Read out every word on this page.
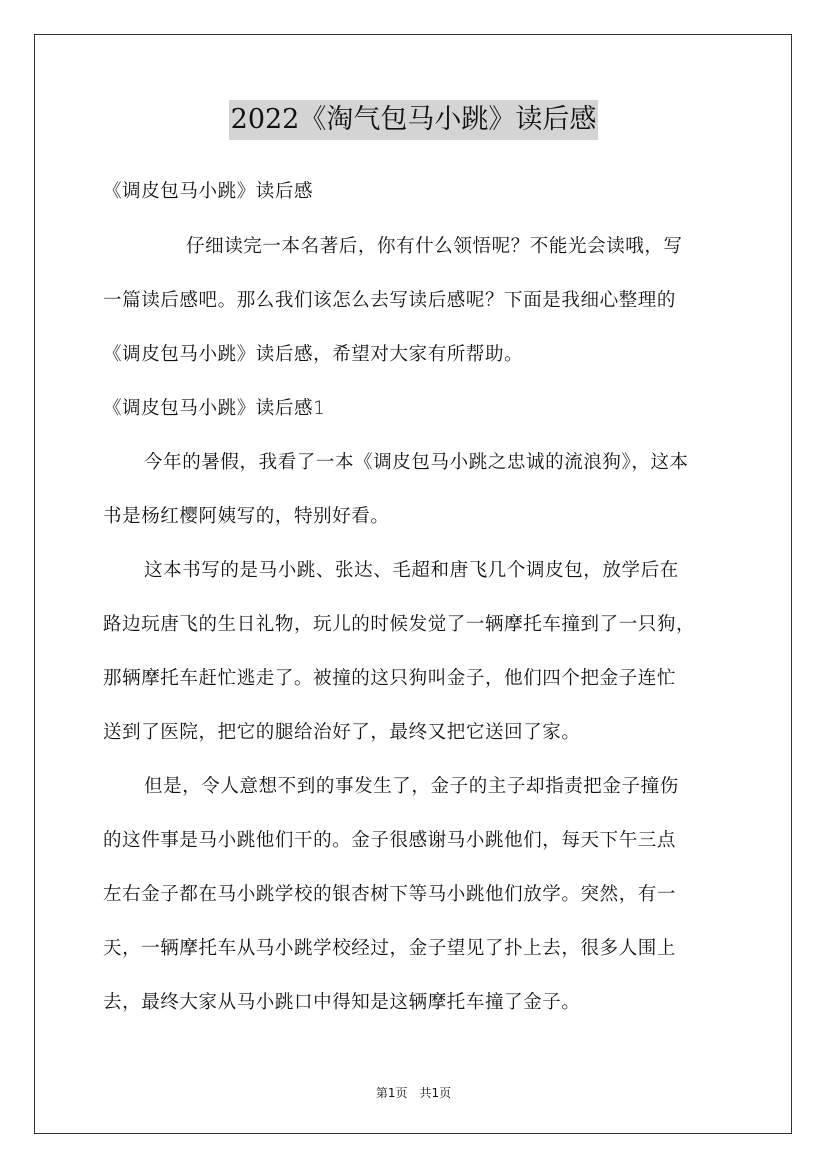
2022《淘气包马小跳》读后感
《调皮包马小跳》读后感
仔细读完一本名著后，你有什么领悟呢？不能光会读哦，写
一篇读后感吧。那么我们该怎么去写读后感呢？下面是我细心整理的
《调皮包马小跳》读后感，希望对大家有所帮助。
《调皮包马小跳》读后感1
今年的暑假，我看了一本《调皮包马小跳之忠诚的流浪狗》，这本
书是杨红樱阿姨写的，特别好看。
这本书写的是马小跳、张达、毛超和唐飞几个调皮包，放学后在
路边玩唐飞的生日礼物，玩儿的时候发觉了一辆摩托车撞到了一只狗，
那辆摩托车赶忙逃走了。被撞的这只狗叫金子，他们四个把金子连忙
送到了医院，把它的腿给治好了，最终又把它送回了家。
但是，令人意想不到的事发生了，金子的主子却指责把金子撞伤
的这件事是马小跳他们干的。金子很感谢马小跳他们，每天下午三点
左右金子都在马小跳学校的银杏树下等马小跳他们放学。突然，有一
天，一辆摩托车从马小跳学校经过，金子望见了扑上去，很多人围上
去，最终大家从马小跳口中得知是这辆摩托车撞了金子。
第1页　共1页
